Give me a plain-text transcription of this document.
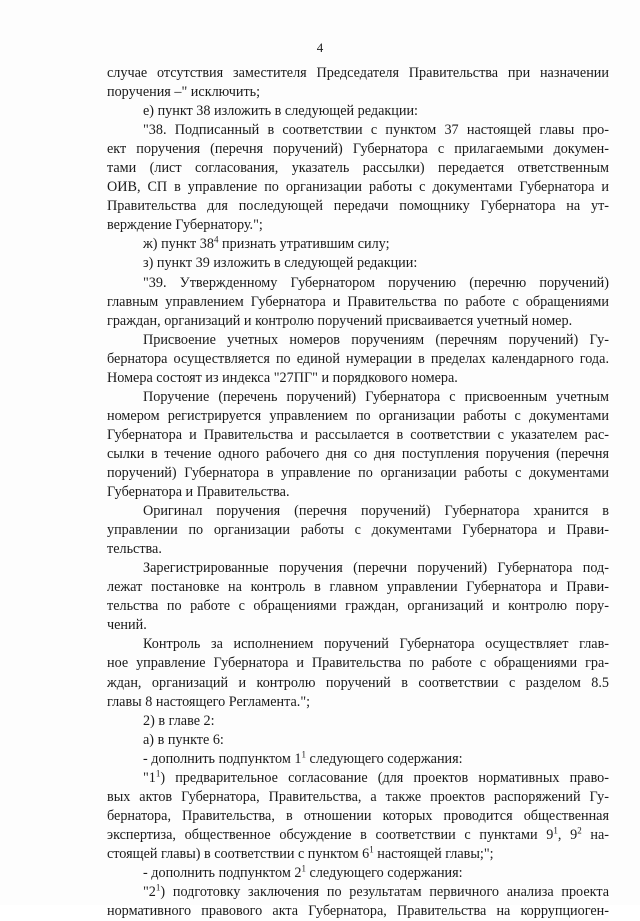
4
случае отсутствия заместителя Председателя Правительства при назначении
поручения –" исключить;
е) пункт 38 изложить в следующей редакции:
"38. Подписанный в соответствии с пунктом 37 настоящей главы про-
ект поручения (перечня поручений) Губернатора с прилагаемыми докумен-
тами (лист согласования, указатель рассылки) передается ответственным
ОИВ, СП в управление по организации работы с документами Губернатора и
Правительства для последующей передачи помощнику Губернатора на ут-
верждение Губернатору.";
ж) пункт $38^4$ признать утратившим силу;
з) пункт 39 изложить в следующей редакции:
"39. Утвержденному Губернатором поручению (перечню поручений)
главным управлением Губернатора и Правительства по работе с обращениями
граждан, организаций и контролю поручений присваивается учетный номер.
Присвоение учетных номеров поручениям (перечням поручений) Гу-
бернатора осуществляется по единой нумерации в пределах календарного года.
Номера состоят из индекса "27ПГ" и порядкового номера.
Поручение (перечень поручений) Губернатора с присвоенным учетным
номером регистрируется управлением по организации работы с документами
Губернатора и Правительства и рассылается в соответствии с указателем рас-
сылки в течение одного рабочего дня со дня поступления поручения (перечня
поручений) Губернатора в управление по организации работы с документами
Губернатора и Правительства.
Оригинал поручения (перечня поручений) Губернатора хранится в
управлении по организации работы с документами Губернатора и Прави-
тельства.
Зарегистрированные поручения (перечни поручений) Губернатора под-
лежат постановке на контроль в главном управлении Губернатора и Прави-
тельства по работе с обращениями граждан, организаций и контролю пору-
чений.
Контроль за исполнением поручений Губернатора осуществляет глав-
ное управление Губернатора и Правительства по работе с обращениями гра-
ждан, организаций и контролю поручений в соответствии с разделом 8.5
главы 8 настоящего Регламента.";
2) в главе 2:
а) в пункте 6:
- дополнить подпунктом $1^1$ следующего содержания:
"$1^1$) предварительное согласование (для проектов нормативных право-
вых актов Губернатора, Правительства, а также проектов распоряжений Гу-
бернатора, Правительства, в отношении которых проводится общественная
экспертиза, общественное обсуждение в соответствии с пунктами $9^1$, $9^2$ на-
стоящей главы) в соответствии с пунктом $6^1$ настоящей главы;";
- дополнить подпунктом $2^1$ следующего содержания:
"$2^1$) подготовку заключения по результатам первичного анализа проекта
нормативного правового акта Губернатора, Правительства на коррупциоген-
